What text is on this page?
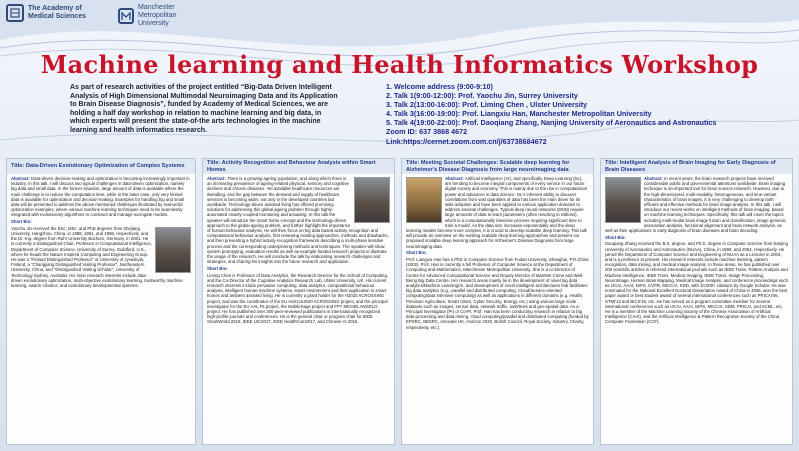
The Academy of
Medical Sciences
Manchester
Metropolitan
University
Machine learning and Health Informatics Workshop
As part of research activities of the project entitled “Big-Data Driven Intelligent Analysis of High Dimensional Multimodal Neuroimaging Data and its Application to Brain Disease Diagnosis”, funded by Academy of Medical Sciences, we are holding a half day workshop in relation to machine learning and big data, in which experts will present the state-of-the arts technologies in the machine learning and health informatics research.
1. Welcome address (9:00-9:10)
2. Talk 1(9:00-12:00): Prof. Yaochu Jin, Surrey University
3. Talk 2(13:00-16:00): Prof. Liming Chen , Ulster University
4. Talk 3(16:00-19:00): Prof. Liangxiu Han, Manchester Metropolitan University
5. Talk 4(19:00-22:00): Prof. Daoqiang Zhang, Nanjing University of Aeronautics and Astronautics
Zoom ID: 637 3868 4672
Link:https://cernet.zoom.com.cn/j/63738684672
Title: Data-Driven Evolutionary Optimization of Complex Systems

Abstract: Data-driven decision-making and optimization is becoming increasingly important in industry. In this talk, I will discuss two typical challenges in data-driven optimization, namely big data and small data. In the former situation, large amount of data is available where the main challenge is to reduce the computation time, while in the latter case, only very limited data is available for optimization and decision-making. Examples for handling big and small data will be presented to address the above mentioned challenges illustrated by real-world optimization examples, where various machine learning techniques need to be seamlessly integrated with evolutionary algorithms to construct and manage surrogate models.

Short Bio:

Yaochu Jin received the BSc, MSc, and PhD degrees from Zhejiang University, Hangzhou, China, in 1988, 1991, and 1996, respectively, and the Dr.-Ing. degree from Ruhr University Bochum, Germany, in 2001. He is currently a Distinguished Chair, Professor in Computational Intelligence, Department of Computer Science, University of Surrey, Guildford, U.K., where he heads the Nature Inspired Computing and Engineering Group. He was a “Finland Distinguished Professor” of University of Jyvaskyla, Finland, a “Changjiang Distinguished Visiting Professor”, Northeastern University, China, and “Distinguished Visiting Scholar”, University of Technology Sydney, Australia. His main research interests include data-driven evolutionary optimization, multi-objective evolutionary learning, trustworthy machine learning, swarm robotics, and evolutionary developmental systems.

Title: Activity Recognition and Behaviour Analysis within Smart Homes

Abstract: There is a growing ageing population, and along which there is an increasing prevalence of ageing-related physical, sensory and cognitive declines and chronic diseases. Yet available healthcare resources are dwindling, and the gap between the demand and supply of healthcare services is becoming wider, not only in the developed countries but worldwide. Technology-driven assisted living has offered promising solutions for addressing this global ageing problem through highly-automated closely-coupled monitoring and actuating. In this talk the speaker will introduce the smart home concept and the technology-driven approach to the global ageing problem, and further highlight the importance of human behaviour analysis. He will then focus on big data based activity recognition and computational behaviour analysis, first reviewing existing approaches, methods and drawbacks, and then presenting a hybrid activity recognition framework describing a multi-phase iterative process and the corresponding underpinning methods and techniques. The speaker will show system prototyping, evaluation results as well as example funded research projects to illustrate the usage of the research. He will conclude the talk by elaborating research challenges and strategies, and sharing his insights into the future research and application.

Short Bio:

Liming Chen is Professor of Data Analytics, the Research Director for the School of Computing, and the Co-Director of the Cognitive Analytics Research Lab, Ulster University, UK. His current research interests include pervasive computing, data analytics, computational behaviour analysis, intelligent human-machine systems, smart environment and their application in smart homes and ambient assisted living. He is currently a grant holder for the H2020 ACROSSING project, and was the coordinator of the EU Horizon2020 ACROSSING project, and the principal investigator for the EU AAL Fit project, the MobileSage project and FP7 MICHELANGELO project. He has published over 200 peer-reviewed publications in internationally recognized high-profile journals and conferences. He is the general chair or program chair for IEEE SmartWorld 2019, IEEE UIC2017, IEEE HealthCom2017, and Chinese AI 2016.

Title: Meeting Societal Challenges: Scalable deep learning for Alzheimer's Disease Diagnosis from large neuroimaging data

Abstract: Artificial Intelligence (AI), and specifically Deep Learning (DL), are trending to become integral components of every service in our future digital society and economy. This is mainly due to the rise in computational power and advances in data science. DL's inherent ability to discover correlations from vast quantities of data has been the main driver for its wide adoption and have been applied to various application domains to address societal challenges. Typical deep neural networks (DNN) require large amounts of data to learn parameters (often reaching to millions), which is a computationally intensive process requiring significant time to train a model. As the data size increases exponentially and the deep learning models become more complex, it is crucial to develop scalable deep learning. This talk will provide an overview on the existing scalable deep learning approaches and present our proposed scalable deep learning approach for Alzheimer's Disease Diagnosis from large neuroimaging data.

Short Bio:

Prof. Liangxiu Han has a PhD in Computer Science from Fudan University, Shanghai, P.R.China (2002). Prof. Han is currently a full Professor of Computer Science at the Department of Computing and Mathematics, Manchester Metropolitan University. She is a co-Director of Centre for Advanced Computational Science and Deputy Director of ManMet Crime and Well-Being Big Data Centre. Her research areas mainly lie in the development of novel big data analytics/Machine Learning/AI, and development of novel intelligent architectures that facilitates big data analytics (e.g., parallel and distributed computing, Cloud/Service-oriented computing/data intensive computing) as well as applications in different domains (e.g. Health, Precision Agriculture, Smart Cities, Cyber Security, Energy, etc.) using various large scale datasets such as images, sensor data, network traffic, web/texts and geo-spatial data. As a Principal Investigator (PI) or Co-PI, Prof. Han has been conducting research in relation to big data processing and data mining, cloud computing/parallel and distributed computing (funded by EPSRC, BBSRC, Innovate UK, Horizon 2020, British Council, Royal Society, Industry, Charity, respectively, etc.).

Title: Intelligent Analysis of Brain Imaging for Early Diagnosis of Brain Diseases

Abstract: In recent years, the brain research projects have received considerable public and governmental attentions worldwide. Brain imaging technique is an important tool for brain science research. However, due to the high-dimensional, multi-modality, heterogeneous, and time-variant characteristics of brain images, it is very challenging to develop both efficient and effective methods for brain image analysis. In this talk, I will introduce our recent works on intelligent methods of brain imaging, based on machine learning techniques. Specifically, this talk will cover the topics including multi-modal brain image fusion and classification, image genomic association analysis, functional alignment and brain network analysis, as well as their applications in early diagnosis of brain diseases and brain decoding.

Short Bio:

Daoqiang Zhang received the B.S. degree, and Ph.D. degree in Computer Science from Nanjing University of Aeronautics and Astronautics (NUAA), China, in 1999, and 2004, respectively. He joined the Department of Computer Science and Engineering of NUAA as a Lecturer in 2004, and is a professor at present. His research interests include machine learning, pattern recognition, data mining, and medical image analysis. In these areas, he has published over 200 scientific articles in refereed international journals such as IEEE Trans. Pattern Analysis and Machine Intelligence, IEEE Trans. Medical Imaging, IEEE Trans. Image Processing, NeuroImage, Human Brain Mapping, Medical Image Analysis, and conference proceedings such as IJCAI, AAAI, NIPS, CVPR, MICCAI, KDD, with 10,000+ citations by Google Scholar. He was nominated for the National Excellent Doctoral Dissertation Award of China in 2006, won the best paper award or best student award of several international conferences such as PRICAI'06, STMI'12 and BICS'16, etc. He has served as a program committee member for several international conferences such as IJCAI, AAAI, NIPS, MICCAI, SDM, PRICAI, and ACML, etc. He is a member of the Machine Learning Society of the Chinese Association of Artificial Intelligence (CAAI), and the Artificial Intelligence & Pattern Recognition Society of the China Computer Federation (CCF).
